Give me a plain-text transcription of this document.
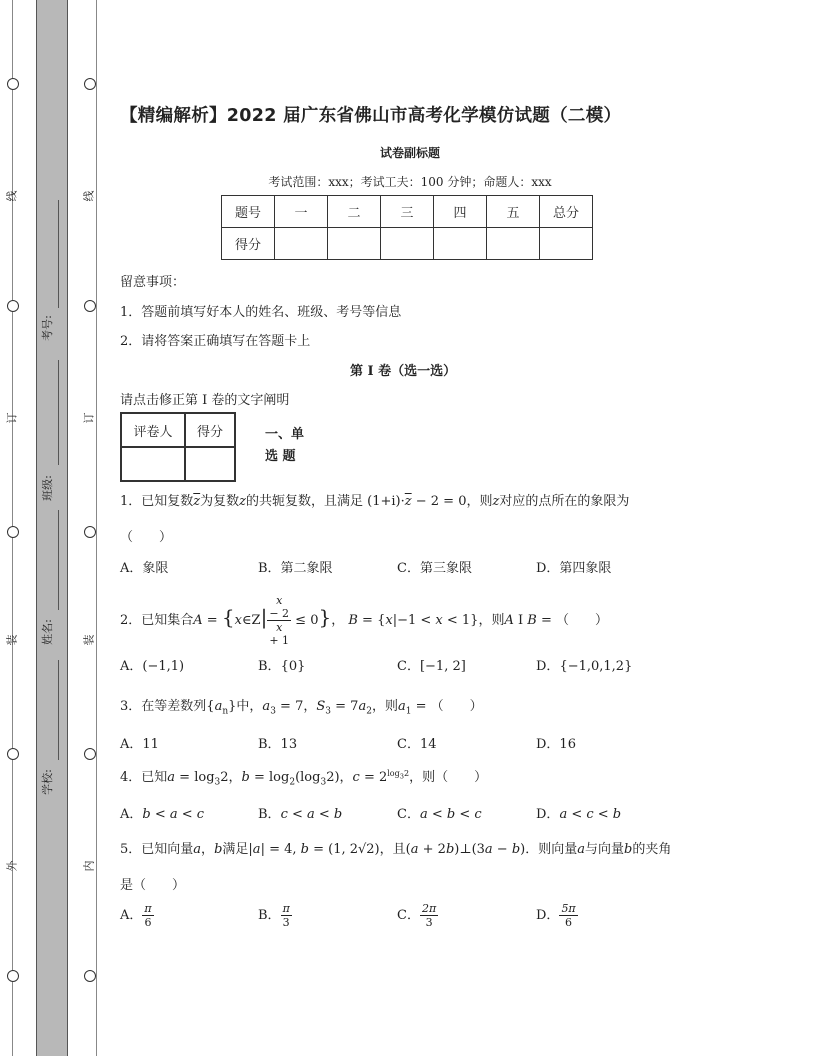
线
订
装
外
线
订
装
内
考号:
班级:
姓名:
学校:
【精编解析】2022 届广东省佛山市高考化学模仿试题（二模）
试卷副标题
考试范围：xxx；考试工夫：100 分钟；命题人：xxx
题号	一	二	三	四	五	总分
得分						
留意事项：
1．答题前填写好本人的姓名、班级、考号等信息
2．请将答案正确填写在答题卡上
第 I 卷（选一选）
请点击修正第 I 卷的文字阐明
评卷人	得分
		一、单
选 题
1．已知复数$\overline{z}$为复数z的共轭复数，且满足 $(1+i)\cdot\overline{z} - 2 = 0$，则z对应的点所在的象限为
（　　）
A．象限	B．第二象限	C．第三象限	D．第四象限
2．已知集合A = {x∈Z| x
− 2
x
+ 1 ≤ 0}， B = {x|−1 < x < 1}，则A I B = （　　）
A．(−1,1)	B．{0}	C．[−1, 2]	D．{−1,0,1,2}
3．在等差数列$\{a_n\}$中，$a_3 = 7$，$S_3 = 7a_2$，则$a_1$ = （　　）
A．11	B．13	C．14	D．16
4．已知$a = \log_32$，$b = \log_2(\log_32)$，$c = 2^{log_32}$，则（　　）
A．b < a < c	B．c < a < b	C．a < b < c	D．a < c < b
5．已知向量a，b满足|a| = 4, b = (1, 2√2)，且(a + 2b)⊥(3a − b)．则向量a与向量b的夹角
是（　　）
A． $\frac{\pi}{6}$	B． $\frac{\pi}{3}$	C． $\frac{2\pi}{3}$	D． $\frac{5\pi}{6}$
